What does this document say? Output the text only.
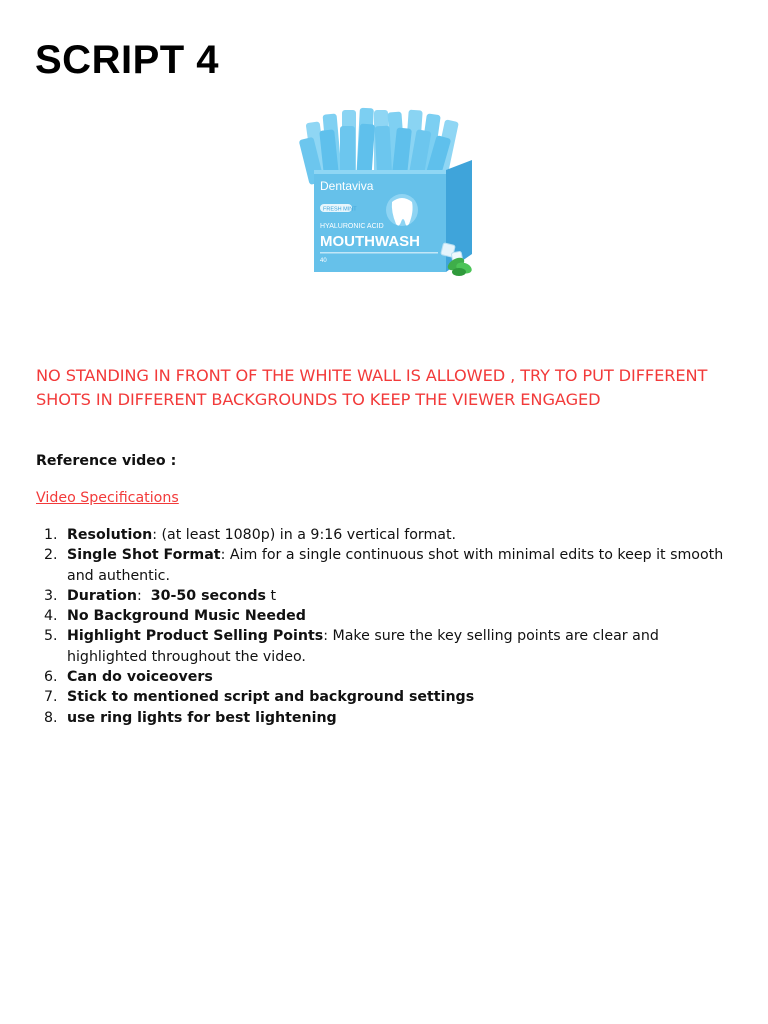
SCRIPT 4
Dentaviva
FRESH MINT
HYALURONIC ACID
MOUTHWASH
40

NO STANDING IN FRONT OF THE WHITE WALL IS ALLOWED , TRY TO PUT DIFFERENT SHOTS IN DIFFERENT BACKGROUNDS TO KEEP THE VIEWER ENGAGED

Reference video :

Video Specifications
1. Resolution: (at least 1080p) in a 9:16 vertical format.
2. Single Shot Format: Aim for a single continuous shot with minimal edits to keep it smooth and authentic.
3. Duration:  30-50 seconds t
4. No Background Music Needed
5. Highlight Product Selling Points: Make sure the key selling points are clear and highlighted throughout the video.
6. Can do voiceovers
7. Stick to mentioned script and background settings
8. use ring lights for best lightening
